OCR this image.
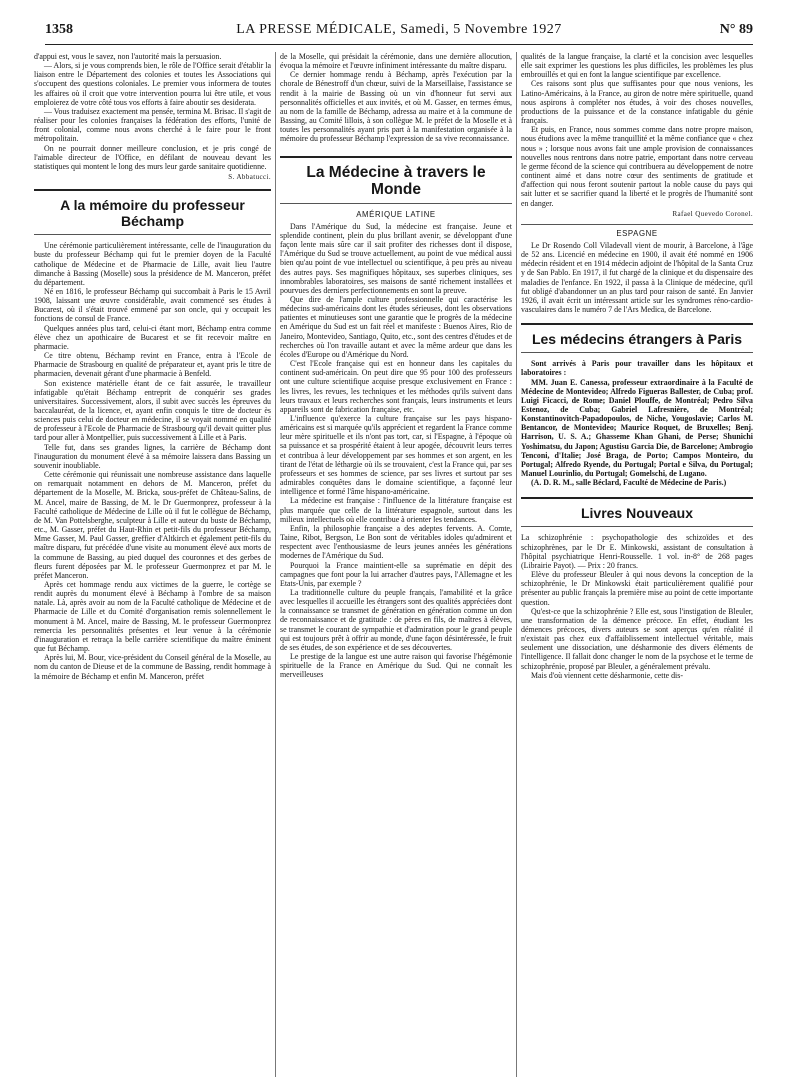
1358	LA PRESSE MÉDICALE, Samedi, 5 Novembre 1927	N° 89

d'appui est, vous le savez, non l'autorité mais la persuasion.

— Alors, si je vous comprends bien, le rôle de l'Office serait d'établir la liaison entre le Département des colonies et toutes les Associations qui s'occupent des questions coloniales. Le premier vous informera de toutes les affaires où il croit que votre intervention pourra lui être utile, et vous emploierez de votre côté tous vos efforts à faire aboutir ses desiderata.

— Vous traduisez exactement ma pensée, termina M. Brisac. Il s'agit de réaliser pour les colonies françaises la fédération des efforts, l'unité de front colonial, comme nous avons cherché à le faire pour le front métropolitain.

On ne pourrait donner meilleure conclusion, et je pris congé de l'aimable directeur de l'Office, en défilant de nouveau devant les statistiques qui montent le long des murs leur garde sanitaire quotidienne.

S. Abbatucci.

A la mémoire du professeur Béchamp

Une cérémonie particulièrement intéressante, celle de l'inauguration du buste du professeur Béchamp qui fut le premier doyen de la Faculté catholique de Médecine et de Pharmacie de Lille, avait lieu l'autre dimanche à Bassing (Moselle) sous la présidence de M. Manceron, préfet du département.

Né en 1816, le professeur Béchamp qui succombait à Paris le 15 Avril 1908, laissant une œuvre considérable, avait commencé ses études à Bucarest, où il s'était trouvé emmené par son oncle, qui y occupait les fonctions de consul de France.

Quelques années plus tard, celui-ci étant mort, Béchamp entra comme élève chez un apothicaire de Bucarest et se fit recevoir maître en pharmacie.

Ce titre obtenu, Béchamp revint en France, entra à l'Ecole de Pharmacie de Strasbourg en qualité de préparateur et, ayant pris le titre de pharmacien, devenait gérant d'une pharmacie à Benfeld.

Son existence matérielle étant de ce fait assurée, le travailleur infatigable qu'était Béchamp entreprit de conquérir ses grades universitaires. Successivement, alors, il subit avec succès les épreuves du baccalauréat, de la licence, et, ayant enfin conquis le titre de docteur ès sciences puis celui de docteur en médecine, il se voyait nommé en qualité de professeur à l'Ecole de Pharmacie de Strasbourg qu'il devait quitter plus tard pour aller à Montpellier, puis successivement à Lille et à Paris.

Telle fut, dans ses grandes lignes, la carrière de Béchamp dont l'inauguration du monument élevé à sa mémoire laissera dans Bassing un souvenir inoubliable.

Cette cérémonie qui réunissait une nombreuse assistance dans laquelle on remarquait notamment en dehors de M. Manceron, préfet du département de la Moselle, M. Bricka, sous-préfet de Château-Salins, de M. Ancel, maire de Bassing, de M. le Dr Guermonprez, professeur à la Faculté catholique de Médecine de Lille où il fut le collègue de Béchamp, de M. Van Pottelsberghe, sculpteur à Lille et auteur du buste de Béchamp, etc., M. Gasser, préfet du Haut-Rhin et petit-fils du professeur Béchamp, Mme Gasser, M. Paul Gasser, greffier d'Altkirch et également petit-fils du maître disparu, fut précédée d'une visite au monument élevé aux morts de la commune de Bassing, au pied duquel des couronnes et des gerbes de fleurs furent déposées par M. le professeur Guermonprez et par M. le préfet Manceron.

Après cet hommage rendu aux victimes de la guerre, le cortège se rendit auprès du monument élevé à Béchamp à l'ombre de sa maison natale. Là, après avoir au nom de la Faculté catholique de Médecine et de Pharmacie de Lille et du Comité d'organisation remis solennellement le monument à M. Ancel, maire de Bassing, M. le professeur Guermonprez remercia les personnalités présentes et leur venue à la cérémonie d'inauguration et retraça la belle carrière scientifique du maître éminent que fut Béchamp.

Après lui, M. Bour, vice-président du Conseil général de la Moselle, au nom du canton de Dieuse et de la commune de Bassing, rendit hommage à la mémoire de Béchamp et enfin M. Manceron, préfet

de la Moselle, qui présidait la cérémonie, dans une dernière allocution, évoqua la mémoire et l'œuvre infiniment intéressante du maître disparu.

Ce dernier hommage rendu à Béchamp, après l'exécution par la chorale de Bénestroff d'un chœur, suivi de la Marseillaise, l'assistance se rendit à la mairie de Bassing où un vin d'honneur fut servi aux personnalités officielles et aux invités, et où M. Gasser, en termes émus, au nom de la famille de Béchamp, adressa au maire et à la commune de Bassing, au Comité lillois, à son collègue M. le préfet de la Moselle et à toutes les personnalités ayant pris part à la manifestation organisée à la mémoire du professeur Béchamp l'expression de sa vive reconnaissance.

La Médecine à travers le Monde
AMÉRIQUE LATINE

Dans l'Amérique du Sud, la médecine est française. Jeune et splendide continent, plein du plus brillant avenir, se développant d'une façon lente mais sûre car il sait profiter des richesses dont il dispose, l'Amérique du Sud se trouve actuellement, au point de vue médical aussi bien qu'au point de vue intellectuel ou scientifique, à peu près au niveau des autres pays. Ses magnifiques hôpitaux, ses superbes cliniques, ses innombrables laboratoires, ses maisons de santé richement installées et pourvues des derniers perfectionnements en sont la preuve.

Que dire de l'ample culture professionnelle qui caractérise les médecins sud-américains dont les études sérieuses, dont les observations patientes et minutieuses sont une garantie que le progrès de la médecine en Amérique du Sud est un fait réel et manifeste : Buenos Aires, Rio de Janeiro, Montevideo, Santiago, Quito, etc., sont des centres d'études et de recherches où l'on travaille autant et avec la même ardeur que dans les écoles d'Europe ou d'Amérique du Nord.

C'est l'Ecole française qui est en honneur dans les capitales du continent sud-américain. On peut dire que 95 pour 100 des professeurs ont une culture scientifique acquise presque exclusivement en France : les livres, les revues, les techniques et les méthodes qu'ils suivent dans leurs travaux et leurs recherches sont français, leurs instruments et leurs appareils sont de fabrication française, etc.

L'influence qu'exerce la culture française sur les pays hispano-américains est si marquée qu'ils apprécient et regardent la France comme leur mère spirituelle et ils n'ont pas tort, car, si l'Espagne, à l'époque où sa puissance et sa prospérité étaient à leur apogée, découvrit leurs terres et contribua à leur développement par ses hommes et son argent, en les tirant de l'état de léthargie où ils se trouvaient, c'est la France qui, par ses professeurs et ses hommes de science, par ses livres et surtout par ses admirables conquêtes dans le domaine scientifique, a façonné leur intelligence et formé l'âme hispano-américaine.

La médecine est française : l'influence de la littérature française est plus marquée que celle de la littérature espagnole, surtout dans les milieux intellectuels où elle contribue à orienter les tendances.

Enfin, la philosophie française a des adeptes fervents. A. Comte, Taine, Ribot, Bergson, Le Bon sont de véritables idoles qu'admirent et respectent avec l'enthousiasme de leurs jeunes années les générations modernes de l'Amérique du Sud.

Pourquoi la France maintient-elle sa suprématie en dépit des campagnes que font pour la lui arracher d'autres pays, l'Allemagne et les Etats-Unis, par exemple ?

La traditionnelle culture du peuple français, l'amabilité et la grâce avec lesquelles il accueille les étrangers sont des qualités appréciées dont la connaissance se transmet de génération en génération comme un don de reconnaissance et de gratitude : de pères en fils, de maîtres à élèves, se transmet le courant de sympathie et d'admiration pour le grand peuple qui est toujours prêt à offrir au monde, d'une façon désintéressée, le fruit de ses études, de son expérience et de ses découvertes.

Le prestige de la langue est une autre raison qui favorise l'hégémonie spirituelle de la France en Amérique du Sud. Qui ne connaît les merveilleuses

qualités de la langue française, la clarté et la concision avec lesquelles elle sait exprimer les questions les plus difficiles, les problèmes les plus embrouillés et qui en font la langue scientifique par excellence.

Ces raisons sont plus que suffisantes pour que nous venions, les Latino-Américains, à la France, au giron de notre mère spirituelle, quand nous aspirons à compléter nos études, à voir des choses nouvelles, productions de la puissance et de la constance infatigable du génie français.

Et puis, en France, nous sommes comme dans notre propre maison, nous étudions avec la même tranquillité et la même confiance que « chez nous » ; lorsque nous avons fait une ample provision de connaissances nouvelles nous rentrons dans notre patrie, emportant dans notre cerveau le germe fécond de la science qui contribuera au développement de notre continent aimé et dans notre cœur des sentiments de gratitude et d'affection qui nous feront soutenir partout la noble cause du pays qui sait lutter et se sacrifier quand la liberté et le progrès de l'humanité sont en danger.

Rafael Quevedo Coronel.

ESPAGNE

Le Dr Rosendo Coll Viladevall vient de mourir, à Barcelone, à l'âge de 52 ans. Licencié en médecine en 1900, il avait été nommé en 1906 médecin résident et en 1914 médecin adjoint de l'hôpital de la Santa Cruz y de San Pablo. En 1917, il fut chargé de la clinique et du dispensaire des maladies de l'enfance. En 1922, il passa à la Clinique de médecine, qu'il fut obligé d'abandonner un an plus tard pour raison de santé. En Janvier 1926, il avait écrit un intéressant article sur les syndromes réno-cardio-vasculaires dans le numéro 7 de l'Ars Medica, de Barcelone.

Les médecins étrangers à Paris

Sont arrivés à Paris pour travailler dans les hôpitaux et laboratoires :

MM. Juan E. Canessa, professeur extraordinaire à la Faculté de Médecine de Montevideo; Alfredo Figueras Ballester, de Cuba; prof. Luigi Ficacci, de Rome; Daniel Plouffe, de Montréal; Pedro Silva Estenoz, de Cuba; Gabriel Lafresnière, de Montréal; Konstantinovitch-Papadopoulos, de Niche, Yougoslavie; Carlos M. Bentancor, de Montevideo; Maurice Roquet, de Bruxelles; Benj. Harrison, U. S. A.; Ghasseme Khan Ghani, de Perse; Shunichi Yoshimatsu, du Japon; Agustisu Garcia Die, de Barcelone; Ambrogio Tenconi, d'Italie; José Braga, de Porto; Campos Monteiro, du Portugal; Alfredo Ryende, du Portugal; Portal e Silva, du Portugal; Manuel Lourinlio, du Portugal; Gomelschi, de Lugano.

(A. D. R. M., salle Béclard, Faculté de Médecine de Paris.)

Livres Nouveaux

La schizophrénie : psychopathologie des schizoïdes et des schizophrènes, par le Dr E. Minkowski, assistant de consultation à l'hôpital psychiatrique Henri-Rousselle. 1 vol. in-8° de 268 pages (Librairie Payot). — Prix : 20 francs.

Elève du professeur Bleuler à qui nous devons la conception de la schizophrénie, le Dr Minkowski était particulièrement qualifié pour présenter au public français la première mise au point de cette importante question.

Qu'est-ce que la schizophrénie ? Elle est, sous l'instigation de Bleuler, une transformation de la démence précoce. En effet, étudiant les démences précoces, divers auteurs se sont aperçus qu'en réalité il n'existait pas chez eux d'affaiblissement intellectuel véritable, mais seulement une dissociation, une désharmonie des divers éléments de l'intelligence. Il fallait donc changer le nom de la psychose et le terme de schizophrénie, proposé par Bleuler, a généralement prévalu.

Mais d'où viennent cette désharmonie, cette dis-
